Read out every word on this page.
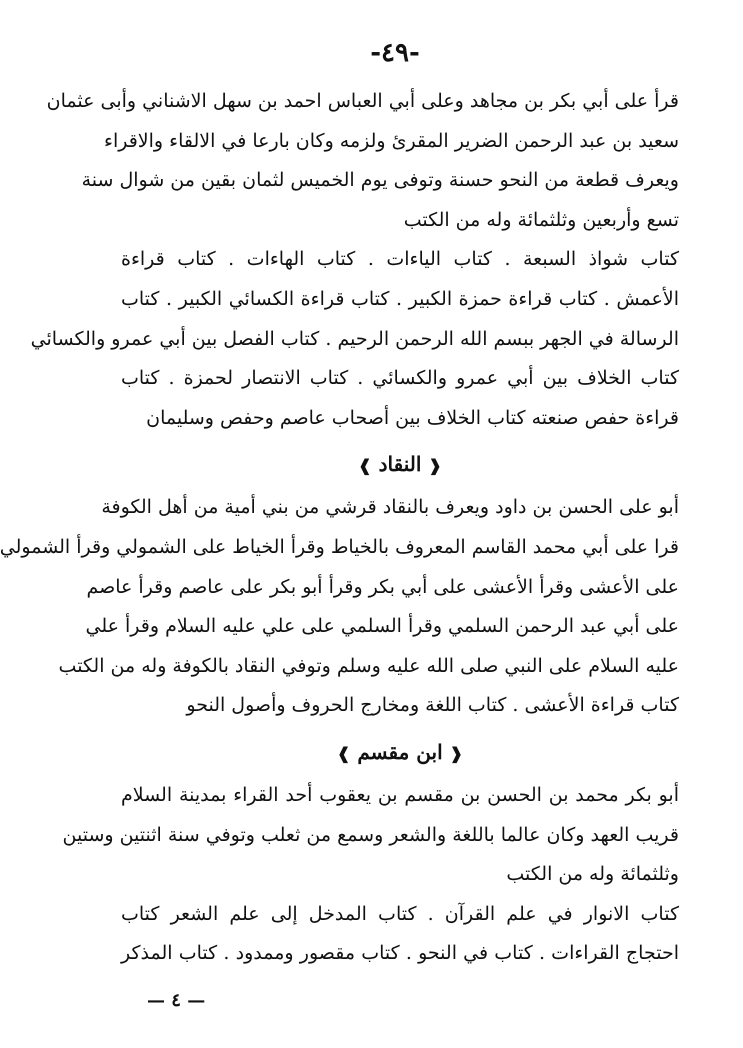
-٤٩-
قرأ على أبي بكر بن مجاهد وعلى أبي العباس احمد بن سهل الاشناني وأبى عثمان
سعيد بن عبد الرحمن الضرير المقرئ ولزمه وكان بارعا في الالقاء والاقراء
ويعرف قطعة من النحو حسنة وتوفى يوم الخميس لثمان بقين من شوال سنة
تسع وأربعين وثلثمائة وله من الكتب
كتاب شواذ السبعة . كتاب الياءات . كتاب الهاءات . كتاب قراءة
الأعمش . كتاب قراءة حمزة الكبير . كتاب قراءة الكسائي الكبير . كتاب
الرسالة في الجهر ببسم الله الرحمن الرحيم . كتاب الفصل بين أبي عمرو والكسائي
كتاب الخلاف بين أبي عمرو والكسائي . كتاب الانتصار لحمزة . كتاب
قراءة حفص صنعته كتاب الخلاف بين أصحاب عاصم وحفص وسليمان
❰ النقاد ❱
أبو على الحسن بن داود ويعرف بالنقاد قرشي من بني أمية من أهل الكوفة
قرا على أبي محمد القاسم المعروف بالخياط وقرأ الخياط على الشمولي وقرأ الشمولي
على الأعشى وقرأ الأعشى على أبي بكر وقرأ أبو بكر على عاصم وقرأ عاصم
على أبي عبد الرحمن السلمي وقرأ السلمي على علي عليه السلام وقرأ علي
عليه السلام على النبي صلى الله عليه وسلم وتوفي النقاد بالكوفة وله من الكتب
كتاب قراءة الأعشى . كتاب اللغة ومخارج الحروف وأصول النحو
❰ ابن مقسم ❱
أبو بكر محمد بن الحسن بن مقسم بن يعقوب أحد القراء بمدينة السلام
قريب العهد وكان عالما باللغة والشعر وسمع من ثعلب وتوفي سنة اثنتين وستين
وثلثمائة وله من الكتب
كتاب الانوار في علم القرآن . كتاب المدخل إلى علم الشعر كتاب
احتجاج القراءات . كتاب في النحو . كتاب مقصور وممدود . كتاب المذكر
— ٤ —
